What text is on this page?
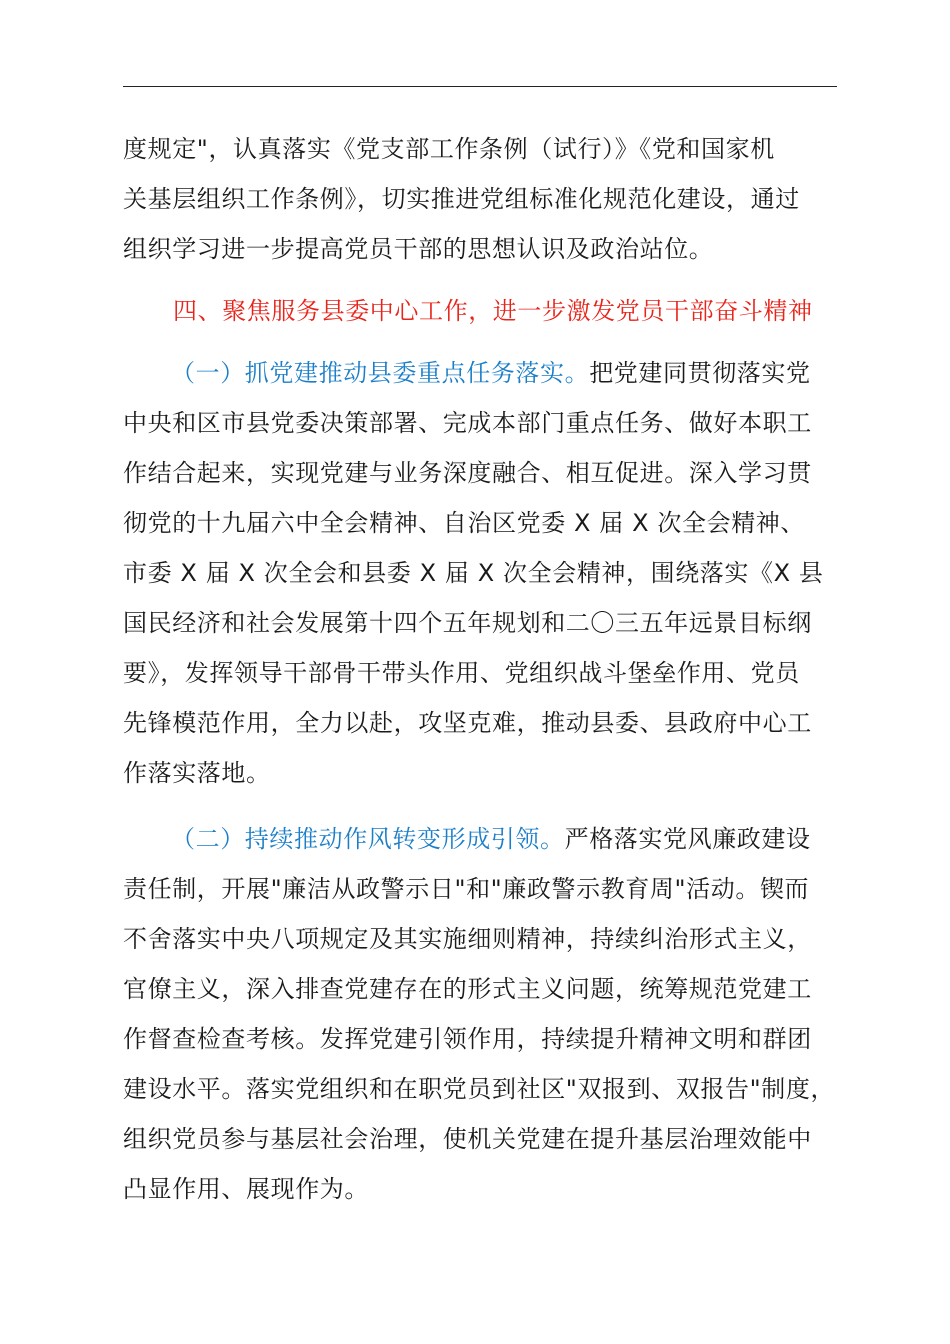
度规定"，认真落实《党支部工作条例（试行）》《党和国家机
关基层组织工作条例》，切实推进党组标准化规范化建设，通过
组织学习进一步提高党员干部的思想认识及政治站位。
四、聚焦服务县委中心工作，进一步激发党员干部奋斗精神
（一）抓党建推动县委重点任务落实。把党建同贯彻落实党
中央和区市县党委决策部署、完成本部门重点任务、做好本职工
作结合起来，实现党建与业务深度融合、相互促进。深入学习贯
彻党的十九届六中全会精神、自治区党委 X 届 X 次全会精神、
市委 X 届 X 次全会和县委 X 届 X 次全会精神，围绕落实《X 县
国民经济和社会发展第十四个五年规划和二〇三五年远景目标纲
要》，发挥领导干部骨干带头作用、党组织战斗堡垒作用、党员
先锋模范作用，全力以赴，攻坚克难，推动县委、县政府中心工
作落实落地。
（二）持续推动作风转变形成引领。严格落实党风廉政建设
责任制，开展"廉洁从政警示日"和"廉政警示教育周"活动。锲而
不舍落实中央八项规定及其实施细则精神，持续纠治形式主义，
官僚主义，深入排查党建存在的形式主义问题，统筹规范党建工
作督查检查考核。发挥党建引领作用，持续提升精神文明和群团
建设水平。落实党组织和在职党员到社区"双报到、双报告"制度，
组织党员参与基层社会治理，使机关党建在提升基层治理效能中
凸显作用、展现作为。
